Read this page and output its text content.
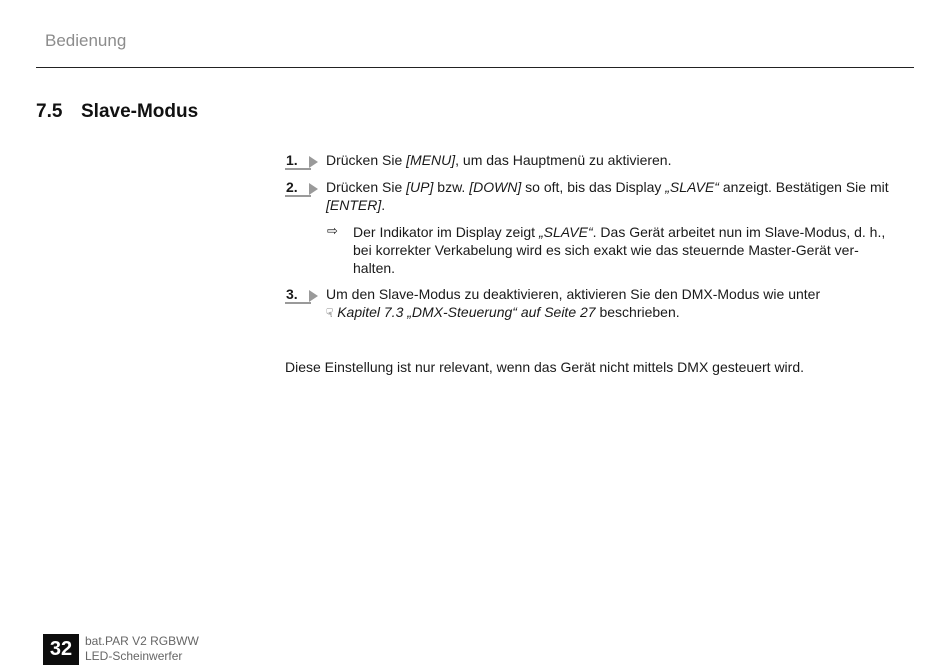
Bedienung
7.5 Slave-Modus
1. Drücken Sie [MENU], um das Hauptmenü zu aktivieren.
2. Drücken Sie [UP] bzw. [DOWN] so oft, bis das Display „SLAVE“ anzeigt. Bestätigen Sie mit
[ENTER].
⇨ Der Indikator im Display zeigt „SLAVE“. Das Gerät arbeitet nun im Slave-Modus, d. h.,
bei korrekter Verkabelung wird es sich exakt wie das steuernde Master-Gerät ver-
halten.
3. Um den Slave-Modus zu deaktivieren, aktivieren Sie den DMX-Modus wie unter
☟ Kapitel 7.3 „DMX-Steuerung“ auf Seite 27 beschrieben.
Diese Einstellung ist nur relevant, wenn das Gerät nicht mittels DMX gesteuert wird.
32	bat.PAR V2 RGBWW
LED-Scheinwerfer
